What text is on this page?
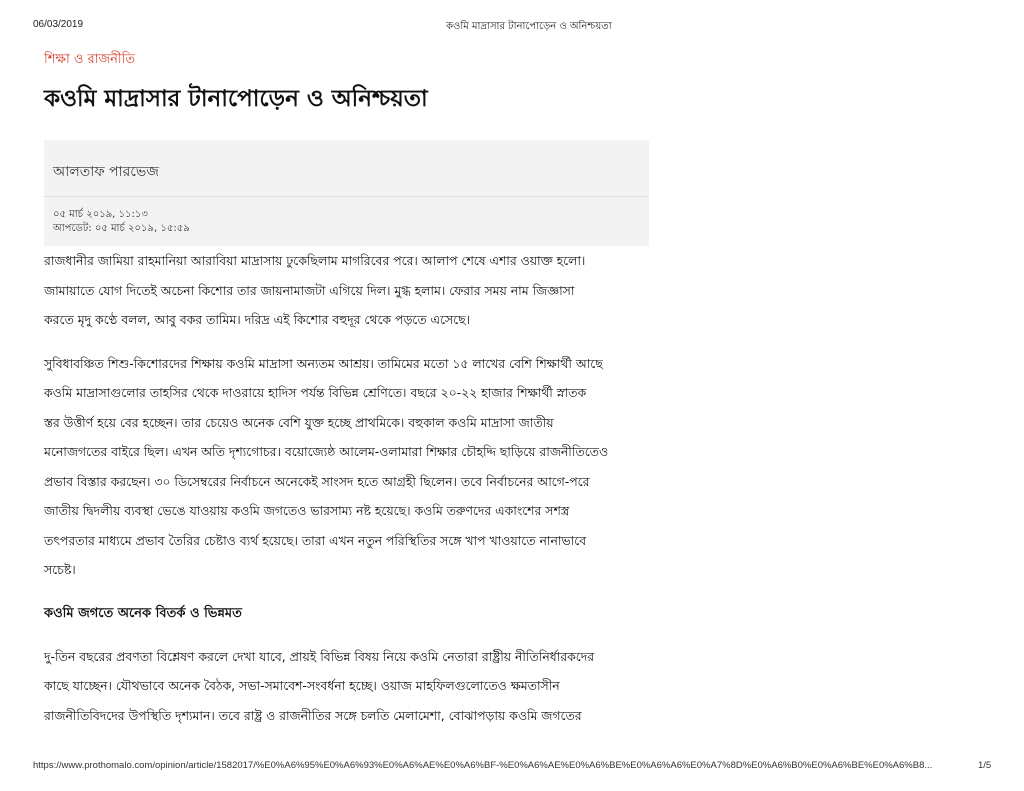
06/03/2019	কওমি মাদ্রাসার টানাপোড়েন ও অনিশ্চয়তা
শিক্ষা ও রাজনীতি
কওমি মাদ্রাসার টানাপোড়েন ও অনিশ্চয়তা
আলতাফ পারভেজ
০৫ মার্চ ২০১৯, ১১:১৩
আপডেট: ০৫ মার্চ ২০১৯, ১৫:৫৯

রাজধানীর জামিয়া রাহমানিয়া আরাবিয়া মাদ্রাসায় ঢুকেছিলাম মাগরিবের পরে। আলাপ শেষে এশার ওয়াক্ত হলো।
জামায়াতে যোগ দিতেই অচেনা কিশোর তার জায়নামাজটা এগিয়ে দিল। মুগ্ধ হলাম। ফেরার সময় নাম জিজ্ঞাসা
করতে মৃদু কণ্ঠে বলল, আবু বকর তামিম। দরিদ্র এই কিশোর বহুদূর থেকে পড়তে এসেছে।

সুবিধাবঞ্চিত শিশু-কিশোরদের শিক্ষায় কওমি মাদ্রাসা অন্যতম আশ্রয়। তামিমের মতো ১৫ লাখের বেশি শিক্ষার্থী আছে
কওমি মাদ্রাসাগুলোর তাহসির থেকে দাওরায়ে হাদিস পর্যন্ত বিভিন্ন শ্রেণিতে। বছরে ২০-২২ হাজার শিক্ষার্থী স্নাতক
স্তর উত্তীর্ণ হয়ে বের হচ্ছেন। তার চেয়েও অনেক বেশি যুক্ত হচ্ছে প্রাথমিকে। বহুকাল কওমি মাদ্রাসা জাতীয়
মনোজগতের বাইরে ছিল। এখন অতি দৃশ্যগোচর। বয়োজ্যেষ্ঠ আলেম-ওলামারা শিক্ষার চৌহদ্দি ছাড়িয়ে রাজনীতিতেও
প্রভাব বিস্তার করছেন। ৩০ ডিসেম্বরের নির্বাচনে অনেকেই সাংসদ হতে আগ্রহী ছিলেন। তবে নির্বাচনের আগে-পরে
জাতীয় দ্বিদলীয় ব্যবস্থা ভেঙে যাওয়ায় কওমি জগতেও ভারসাম্য নষ্ট হয়েছে। কওমি তরুণদের একাংশের সশস্ত্র
তৎপরতার মাধ্যমে প্রভাব তৈরির চেষ্টাও ব্যর্থ হয়েছে। তারা এখন নতুন পরিস্থিতির সঙ্গে খাপ খাওয়াতে নানাভাবে
সচেষ্ট।

কওমি জগতে অনেক বিতর্ক ও ভিন্নমত

দু-তিন বছরের প্রবণতা বিশ্লেষণ করলে দেখা যাবে, প্রায়ই বিভিন্ন বিষয় নিয়ে কওমি নেতারা রাষ্ট্রীয় নীতিনির্ধারকদের
কাছে যাচ্ছেন। যৌথভাবে অনেক বৈঠক, সভা-সমাবেশ-সংবর্ধনা হচ্ছে। ওয়াজ মাহফিলগুলোতেও ক্ষমতাসীন
রাজনীতিবিদদের উপস্থিতি দৃশ্যমান। তবে রাষ্ট্র ও রাজনীতির সঙ্গে চলতি মেলামেশা, বোঝাপড়ায় কওমি জগতের

https://www.prothomalo.com/opinion/article/1582017/%E0%A6%95%E0%A6%93%E0%A6%AE%E0%A6%BF-%E0%A6%AE%E0%A6%BE%E0%A6%A6%E0%A7%8D%E0%A6%B0%E0%A6%BE%E0%A6%B8...	1/5
